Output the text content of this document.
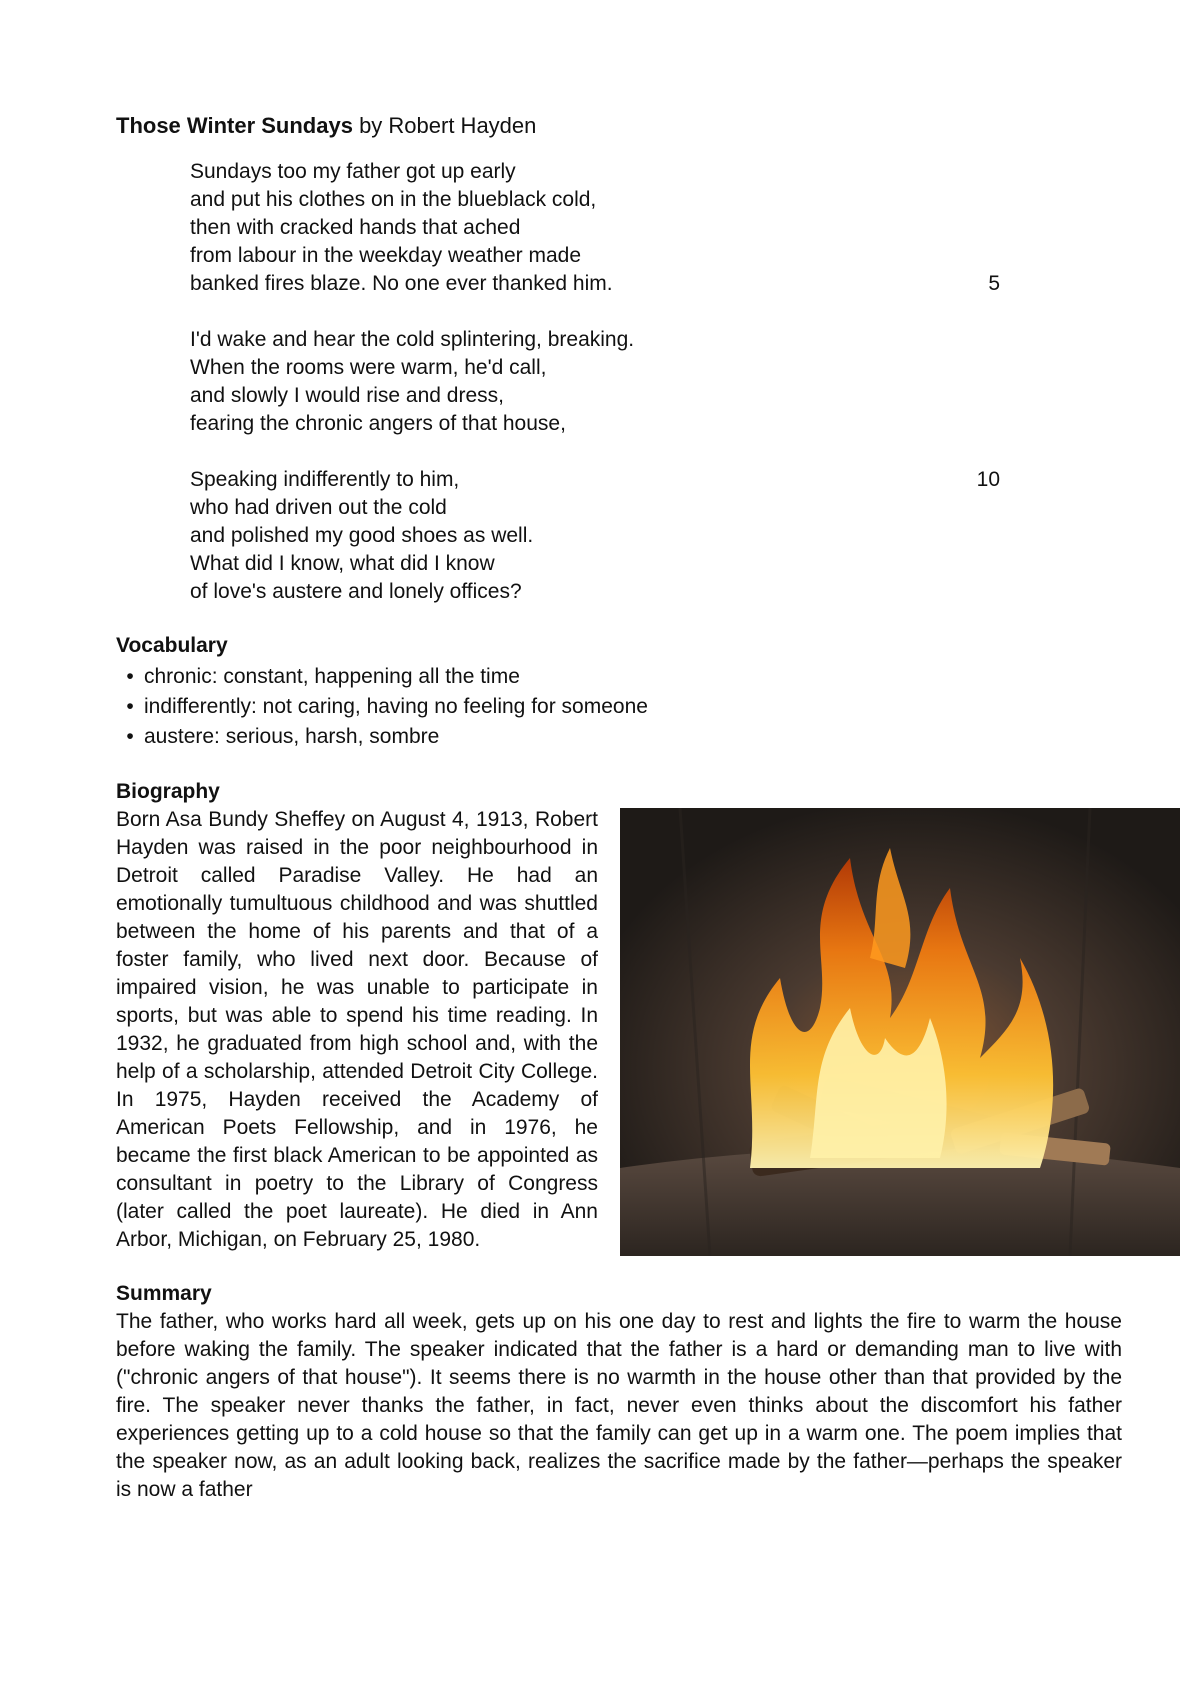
Those Winter Sundays by Robert Hayden
Sundays too my father got up early
and put his clothes on in the blueblack cold,
then with cracked hands that ached
from labour in the weekday weather made
banked fires blaze. No one ever thanked him.	5
I'd wake and hear the cold splintering, breaking.
When the rooms were warm, he'd call,
and slowly I would rise and dress,
fearing the chronic angers of that house,
Speaking indifferently to him,	10
who had driven out the cold
and polished my good shoes as well.
What did I know, what did I know
of love's austere and lonely offices?
Vocabulary
• chronic: constant, happening all the time
• indifferently: not caring, having no feeling for someone
• austere: serious, harsh, sombre
Biography
Born Asa Bundy Sheffey on August 4, 1913, Robert Hayden was raised in the poor neighbourhood in Detroit called Paradise Valley. He had an emotionally tumultuous childhood and was shuttled between the home of his parents and that of a foster family, who lived next door. Because of impaired vision, he was unable to participate in sports, but was able to spend his time reading. In 1932, he graduated from high school and, with the help of a scholarship, attended Detroit City College. In 1975, Hayden received the Academy of American Poets Fellowship, and in 1976, he became the first black American to be appointed as consultant in poetry to the Library of Congress (later called the poet laureate). He died in Ann Arbor, Michigan, on February 25, 1980.
Summary
The father, who works hard all week, gets up on his one day to rest and lights the fire to warm the house before waking the family. The speaker indicated that the father is a hard or demanding man to live with ("chronic angers of that house"). It seems there is no warmth in the house other than that provided by the fire. The speaker never thanks the father, in fact, never even thinks about the discomfort his father experiences getting up to a cold house so that the family can get up in a warm one. The poem implies that the speaker now, as an adult looking back, realizes the sacrifice made by the father—perhaps the speaker is now a father
